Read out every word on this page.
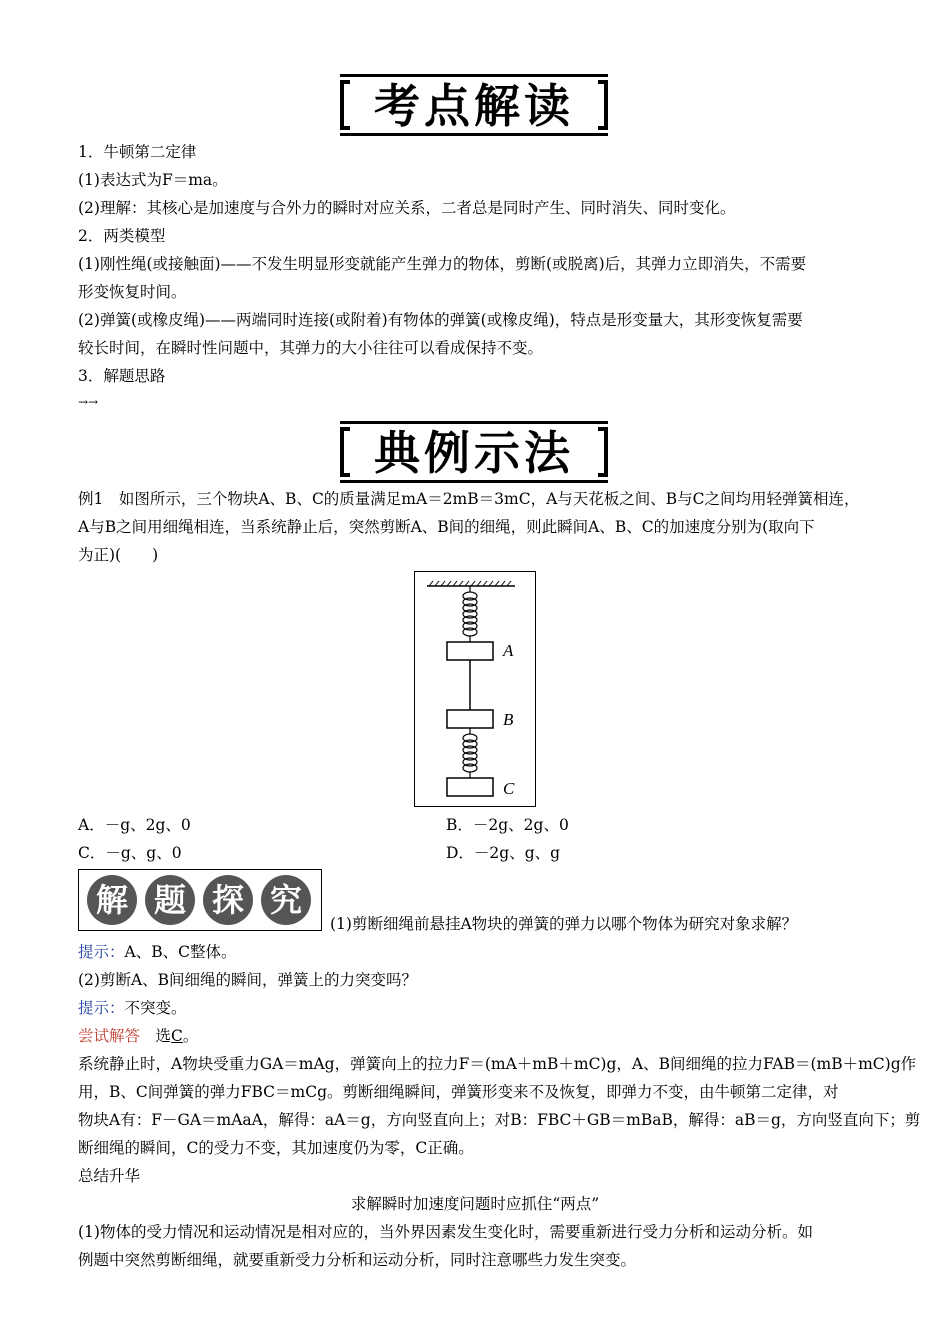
考点解读
1．牛顿第二定律
(1)表达式为F＝ma。
(2)理解：其核心是加速度与合外力的瞬时对应关系，二者总是同时产生、同时消失、同时变化。
2．两类模型
(1)刚性绳(或接触面)——不发生明显形变就能产生弹力的物体，剪断(或脱离)后，其弹力立即消失，不需要
形变恢复时间。
(2)弹簧(或橡皮绳)——两端同时连接(或附着)有物体的弹簧(或橡皮绳)，特点是形变量大，其形变恢复需要
较长时间，在瞬时性问题中，其弹力的大小往往可以看成保持不变。
3．解题思路
→→
典例示法
例1　如图所示，三个物块A、B、C的质量满足mA＝2mB＝3mC，A与天花板之间、B与C之间均用轻弹簧相连，
A与B之间用细绳相连，当系统静止后，突然剪断A、B间的细绳，则此瞬间A、B、C的加速度分别为(取向下
为正)(　　)
A
B
C
A．－g、2g、0	B．－2g、2g、0
C．－g、g、0	D．－2g、g、g
解 题 探 究
(1)剪断细绳前悬挂A物块的弹簧的弹力以哪个物体为研究对象求解？
提示：A、B、C整体。
(2)剪断A、B间细绳的瞬间，弹簧上的力突变吗？
提示：不突变。
尝试解答　 选C。
系统静止时，A物块受重力GA＝mAg，弹簧向上的拉力F＝(mA＋mB＋mC)g，A、B间细绳的拉力FAB＝(mB＋mC)g作
用，B、C间弹簧的弹力FBC＝mCg。剪断细绳瞬间，弹簧形变来不及恢复，即弹力不变，由牛顿第二定律，对
物块A有：F－GA＝mAaA，解得：aA＝g，方向竖直向上；对B：FBC＋GB＝mBaB，解得：aB＝g，方向竖直向下；剪
断细绳的瞬间，C的受力不变，其加速度仍为零，C正确。
总结升华
求解瞬时加速度问题时应抓住“两点”
(1)物体的受力情况和运动情况是相对应的，当外界因素发生变化时，需要重新进行受力分析和运动分析。如
例题中突然剪断细绳，就要重新受力分析和运动分析，同时注意哪些力发生突变。
